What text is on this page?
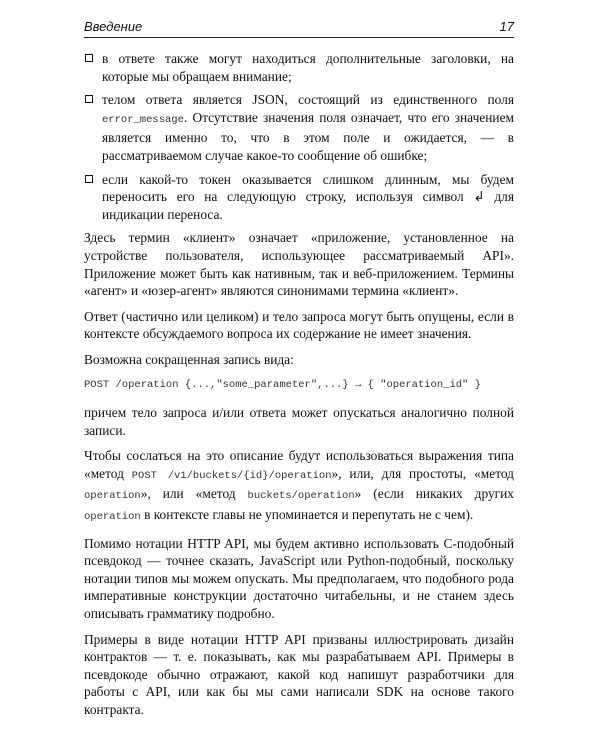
Введение	17

в ответе также могут находиться дополнительные заголовки, на которые мы обращаем внимание;

телом ответа является JSON, состоящий из единственного поля error_message. Отсутствие значения поля означает, что его значением является именно то, что в этом поле и ожидается, — в рассматриваемом случае какое-то сообщение об ошибке;

если какой-то токен оказывается слишком длинным, мы будем переносить его на следующую строку, используя символ ↲ для индикации переноса.

Здесь термин «клиент» означает «приложение, установленное на устройстве пользователя, использующее рассматриваемый API». Приложение может быть как нативным, так и веб-приложением. Термины «агент» и «юзер-агент» являются синонимами термина «клиент».

Ответ (частично или целиком) и тело запроса могут быть опущены, если в контексте обсуждаемого вопроса их содержание не имеет значения.

Возможна сокращенная запись вида:

POST /operation {...,"some_parameter",...} → { "operation_id" }

причем тело запроса и/или ответа может опускаться аналогично полной записи.

Чтобы сослаться на это описание будут использоваться выражения типа «метод POST /v1/buckets/{id}/operation», или, для простоты, «метод operation», или «метод buckets/operation» (если никаких других operation в контексте главы не упоминается и перепутать не с чем).

Помимо нотации HTTP API, мы будем активно использовать C-подобный псевдокод — точнее сказать, JavaScript или Python-подобный, поскольку нотации типов мы можем опускать. Мы предполагаем, что подобного рода императивные конструкции достаточно читабельны, и не станем здесь описывать грамматику подробно.

Примеры в виде нотации HTTP API призваны иллюстрировать дизайн контрактов — т. е. показывать, как мы разрабатываем API. Примеры в псевдокоде обычно отражают, какой код напишут разработчики для работы с API, или как бы мы сами написали SDK на основе такого контракта.
